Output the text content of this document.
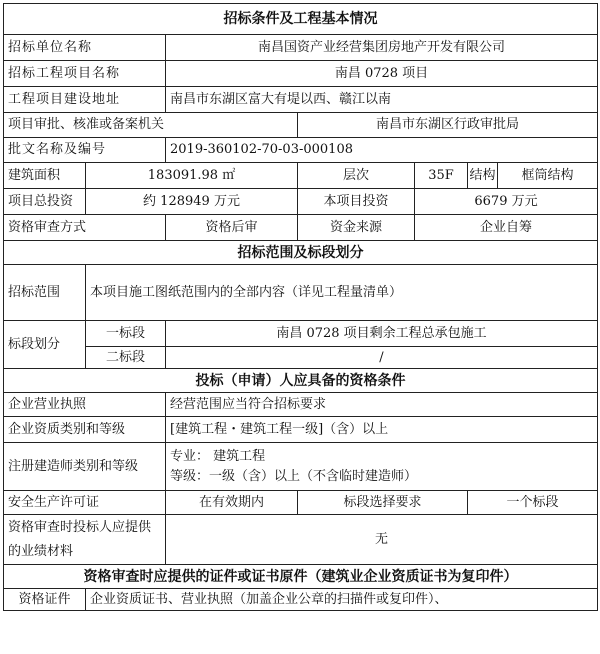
招标条件及工程基本情况						
招标单位名称		南昌国资产业经营集团房地产开发有限公司				
招标工程项目名称		南昌 0728 项目				
工程项目建设地址		南昌市东湖区富大有堤以西、赣江以南				
项目审批、核准或备案机关			南昌市东湖区行政审批局			
批文名称及编号		2019-360102-70-03-000108				
建筑面积	183091.98 ㎡		层次	35F	结构	框筒结构
项目总投资	约 128949 万元		本项目投资	6679 万元		
资格审查方式		资格后审	资金来源	企业自筹		
招标范围及标段划分						
招标范围	本项目施工图纸范围内的全部内容（详见工程量清单）					
标段划分	一标段	南昌 0728 项目剩余工程总承包施工				
	二标段	/				
投标（申请）人应具备的资格条件						
企业营业执照		经营范围应当符合招标要求				
企业资质类别和等级		[建筑工程・建筑工程一级]（含）以上				
注册建造师类别和等级		专业： 建筑工程
等级：一级（含）以上（不含临时建造师）				

安全生产许可证		在有效期内	标段选择要求		一个标段	
资格审查时投标人应提供的业绩材料		无				
资格审查时应提供的证件或证书原件（建筑业企业资质证书为复印件）						
资格证件	企业资质证书、营业执照（加盖企业公章的扫描件或复印件）、					
